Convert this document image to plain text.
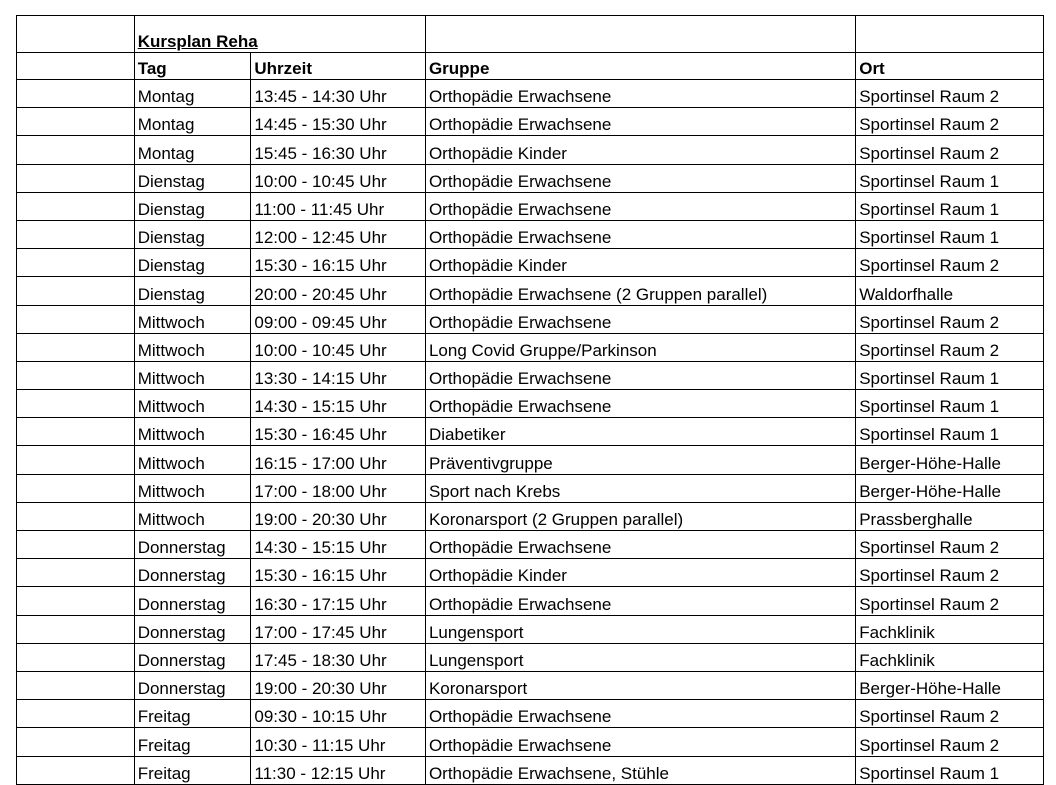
	Kursplan Reha			
	Tag	Uhrzeit	Gruppe	Ort
	Montag	13:45 - 14:30 Uhr	Orthopädie Erwachsene	Sportinsel Raum 2
	Montag	14:45 - 15:30 Uhr	Orthopädie Erwachsene	Sportinsel Raum 2
	Montag	15:45 - 16:30 Uhr	Orthopädie Kinder	Sportinsel Raum 2
	Dienstag	10:00 - 10:45 Uhr	Orthopädie Erwachsene	Sportinsel Raum 1
	Dienstag	11:00 - 11:45 Uhr	Orthopädie Erwachsene	Sportinsel Raum 1
	Dienstag	12:00 - 12:45 Uhr	Orthopädie Erwachsene	Sportinsel Raum 1
	Dienstag	15:30 - 16:15 Uhr	Orthopädie Kinder	Sportinsel Raum 2
	Dienstag	20:00 - 20:45 Uhr	Orthopädie Erwachsene (2 Gruppen parallel)	Waldorfhalle
	Mittwoch	09:00 - 09:45 Uhr	Orthopädie Erwachsene	Sportinsel Raum 2
	Mittwoch	10:00 - 10:45 Uhr	Long Covid Gruppe/Parkinson	Sportinsel Raum 2
	Mittwoch	13:30 - 14:15 Uhr	Orthopädie Erwachsene	Sportinsel Raum 1
	Mittwoch	14:30 - 15:15 Uhr	Orthopädie Erwachsene	Sportinsel Raum 1
	Mittwoch	15:30 - 16:45 Uhr	Diabetiker	Sportinsel Raum 1
	Mittwoch	16:15 - 17:00 Uhr	Präventivgruppe	Berger-Höhe-Halle
	Mittwoch	17:00 - 18:00 Uhr	Sport nach Krebs	Berger-Höhe-Halle
	Mittwoch	19:00 - 20:30 Uhr	Koronarsport (2 Gruppen parallel)	Prassberghalle
	Donnerstag	14:30 - 15:15 Uhr	Orthopädie Erwachsene	Sportinsel Raum 2
	Donnerstag	15:30 - 16:15 Uhr	Orthopädie Kinder	Sportinsel Raum 2
	Donnerstag	16:30 - 17:15 Uhr	Orthopädie Erwachsene	Sportinsel Raum 2
	Donnerstag	17:00 - 17:45 Uhr	Lungensport	Fachklinik
	Donnerstag	17:45 - 18:30 Uhr	Lungensport	Fachklinik
	Donnerstag	19:00 - 20:30 Uhr	Koronarsport	Berger-Höhe-Halle
	Freitag	09:30 - 10:15 Uhr	Orthopädie Erwachsene	Sportinsel Raum 2
	Freitag	10:30 - 11:15 Uhr	Orthopädie Erwachsene	Sportinsel Raum 2
	Freitag	11:30 - 12:15 Uhr	Orthopädie Erwachsene, Stühle	Sportinsel Raum 1
